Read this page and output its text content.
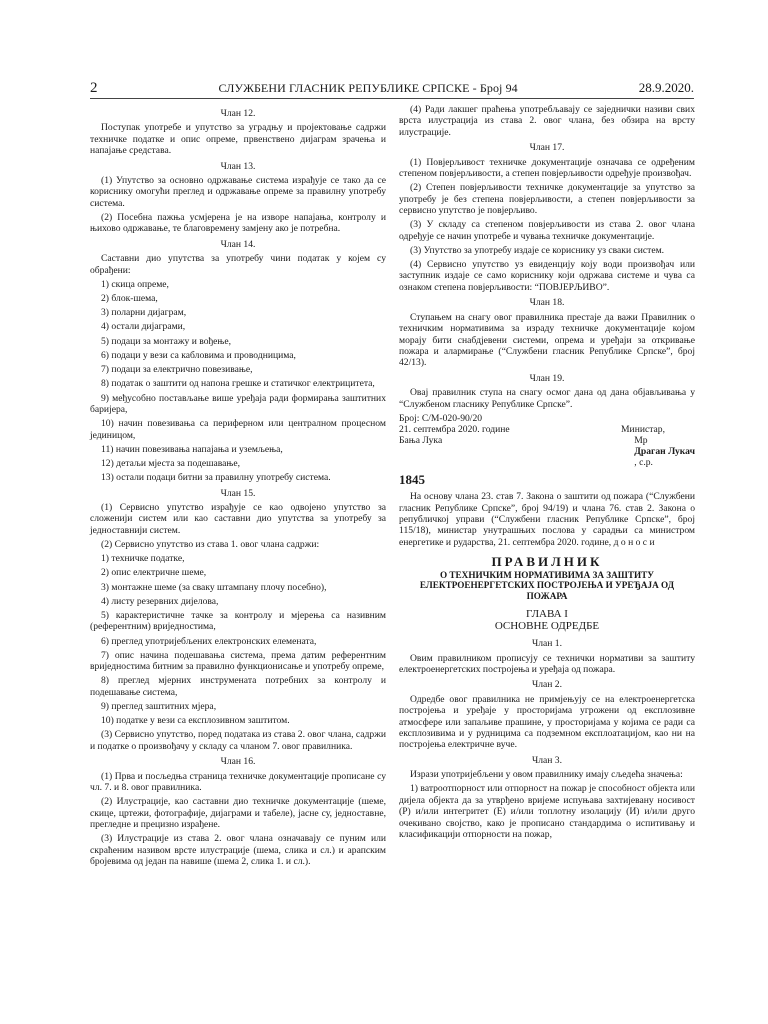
2	СЛУЖБЕНИ ГЛАСНИК РЕПУБЛИКЕ СРПСКЕ - Број 94	28.9.2020.

Члан 12.

Поступак употребе и упутство за уградњу и пројектовање садржи техничке податке и опис опреме, првенствено дијаграм зрачења и напајање средстава.

Члан 13.

(1) Упутство за основно одржавање система израђује се тако да се кориснику омогући преглед и одржавање опреме за правилну употребу система.

(2) Посебна пажња усмјерена је на изворе напајања, контролу и њихово одржавање, те благовремену замјену ако је потребна.

Члан 14.

Саставни дио упутства за употребу чини податак у којем су обрађени:

1) скица опреме,

2) блок-шема,

3) поларни дијаграм,

4) остали дијаграми,

5) подаци за монтажу и вођење,

6) подаци у вези са кабловима и проводницима,

7) подаци за електрично повезивање,

8) податак о заштити од напона грешке и статичког електрицитета,

9) међусобно постављање више уређаја ради формирања заштитних баријера,

10) начин повезивања са периферном или централном процесном јединицом,

11) начин повезивања напајања и уземљења,

12) детаљи мјеста за подешавање,

13) остали подаци битни за правилну употребу система.

Члан 15.

(1) Сервисно упутство израђује се као одвојено упутство за сложенији систем или као саставни дио упутства за употребу за једноставнији систем.

(2) Сервисно упутство из става 1. овог члана садржи:

1) техничке податке,

2) опис електричне шеме,

3) монтажне шеме (за сваку штампану плочу посебно),

4) листу резервних дијелова,

5) карактеристичне тачке за контролу и мјерења са називним (референтним) вриједностима,

6) преглед употријебљених електронских елемената,

7) опис начина подешавања система, према датим референтним вриједностима битним за правилно функционисање и употребу опреме,

8) преглед мјерних инструмената потребних за контролу и подешавање система,

9) преглед заштитних мјера,

10) податке у вези са експлозивном заштитом.

(3) Сервисно упутство, поред података из става 2. овог члана, садржи и податке о произвођачу у складу са чланом 7. овог правилника.

Члан 16.

(1) Прва и посљедња страница техничке документације прописане су чл. 7. и 8. овог правилника.

(2) Илустрације, као саставни дио техничке документације (шеме, скице, цртежи, фотографије, дијаграми и табеле), јасне су, једноставне, прегледне и прецизно израђене.

(3) Илустрације из става 2. овог члана означавају се пуним или скраћеним називом врсте илустрације (шема, слика и сл.) и арапским бројевима од један па навише (шема 2, слика 1. и сл.).

(4) Ради лакшег праћења употребљавају се заједнички називи свих врста илустрација из става 2. овог члана, без обзира на врсту илустрације.

Члан 17.

(1) Повјерљивост техничке документације означава се одређеним степеном повјерљивости, а степен повјерљивости одређује произвођач.

(2) Степен повјерљивости техничке документације за упутство за употребу је без степена повјерљивости, а степен повјерљивости за сервисно упутство је повјерљиво.

(3) У складу са степеном повјерљивости из става 2. овог члана одређује се начин употребе и чувања техничке документације.

(3) Упутство за употребу издаје се кориснику уз сваки систем.

(4) Сервисно упутство уз евиденцију коју води произвођач или заступник издаје се само кориснику који одржава системе и чува са ознаком степена повјерљивости: “ПОВЈЕРЉИВО”.

Члан 18.

Ступањем на снагу овог правилника престаје да важи Правилник о техничким нормативима за израду техничке документације којом морају бити снабдјевени системи, опрема и уређаји за откривање пожара и алармирање (“Службени гласник Републике Српске”, број 42/13).

Члан 19.

Овај правилник ступа на снагу осмог дана од дана објављивања у “Службеном гласнику Републике Српске”.

Број: С/М-020-90/20
21. септембра 2020. године	Министар,
Бања Лука	Мр
Драган Лукач
, с.р.

1845

На основу члана 23. став 7. Закона о заштити од пожара (“Службени гласник Републике Српске”, број 94/19) и члана 76. став 2. Закона о републичкој управи (“Службени гласник Републике Српске”, број 115/18), министар унутрашњих послова у сарадњи са министром енергетике и рударства, 21. септембра 2020. године, д о н о с и

ПРАВИЛНИК

О ТЕХНИЧКИМ НОРМАТИВИМА ЗА ЗАШТИТУ ЕЛЕКТРОЕНЕРГЕТСКИХ ПОСТРОЈЕЊА И УРЕЂАЈА ОД ПОЖАРА

ГЛАВА I

ОСНОВНЕ ОДРЕДБЕ

Члан 1.

Овим правилником прописују се технички нормативи за заштиту електроенергетских постројења и уређаја од пожара.

Члан 2.

Одредбе овог правилника не примјењују се на електроенергетска постројења и уређаје у просторијама угрожени од експлозивне атмосфере или запаљиве прашине, у просторијама у којима се ради са експлозивима и у рудницима са подземном експлоатацијом, као ни на постројења електричне вуче.

Члан 3.

Изрази употријебљени у овом правилнику имају сљедећа значења:

1) ватроотпорност или отпорност на пожар је способност објекта или дијела објекта да за утврђено вријеме испуњава захтијевану носивост (Р) и/или интегритет (Е) и/или топлотну изолацију (И) и/или друго очекивано својство, како је прописано стандардима о испитивању и класификацији отпорности на пожар,
